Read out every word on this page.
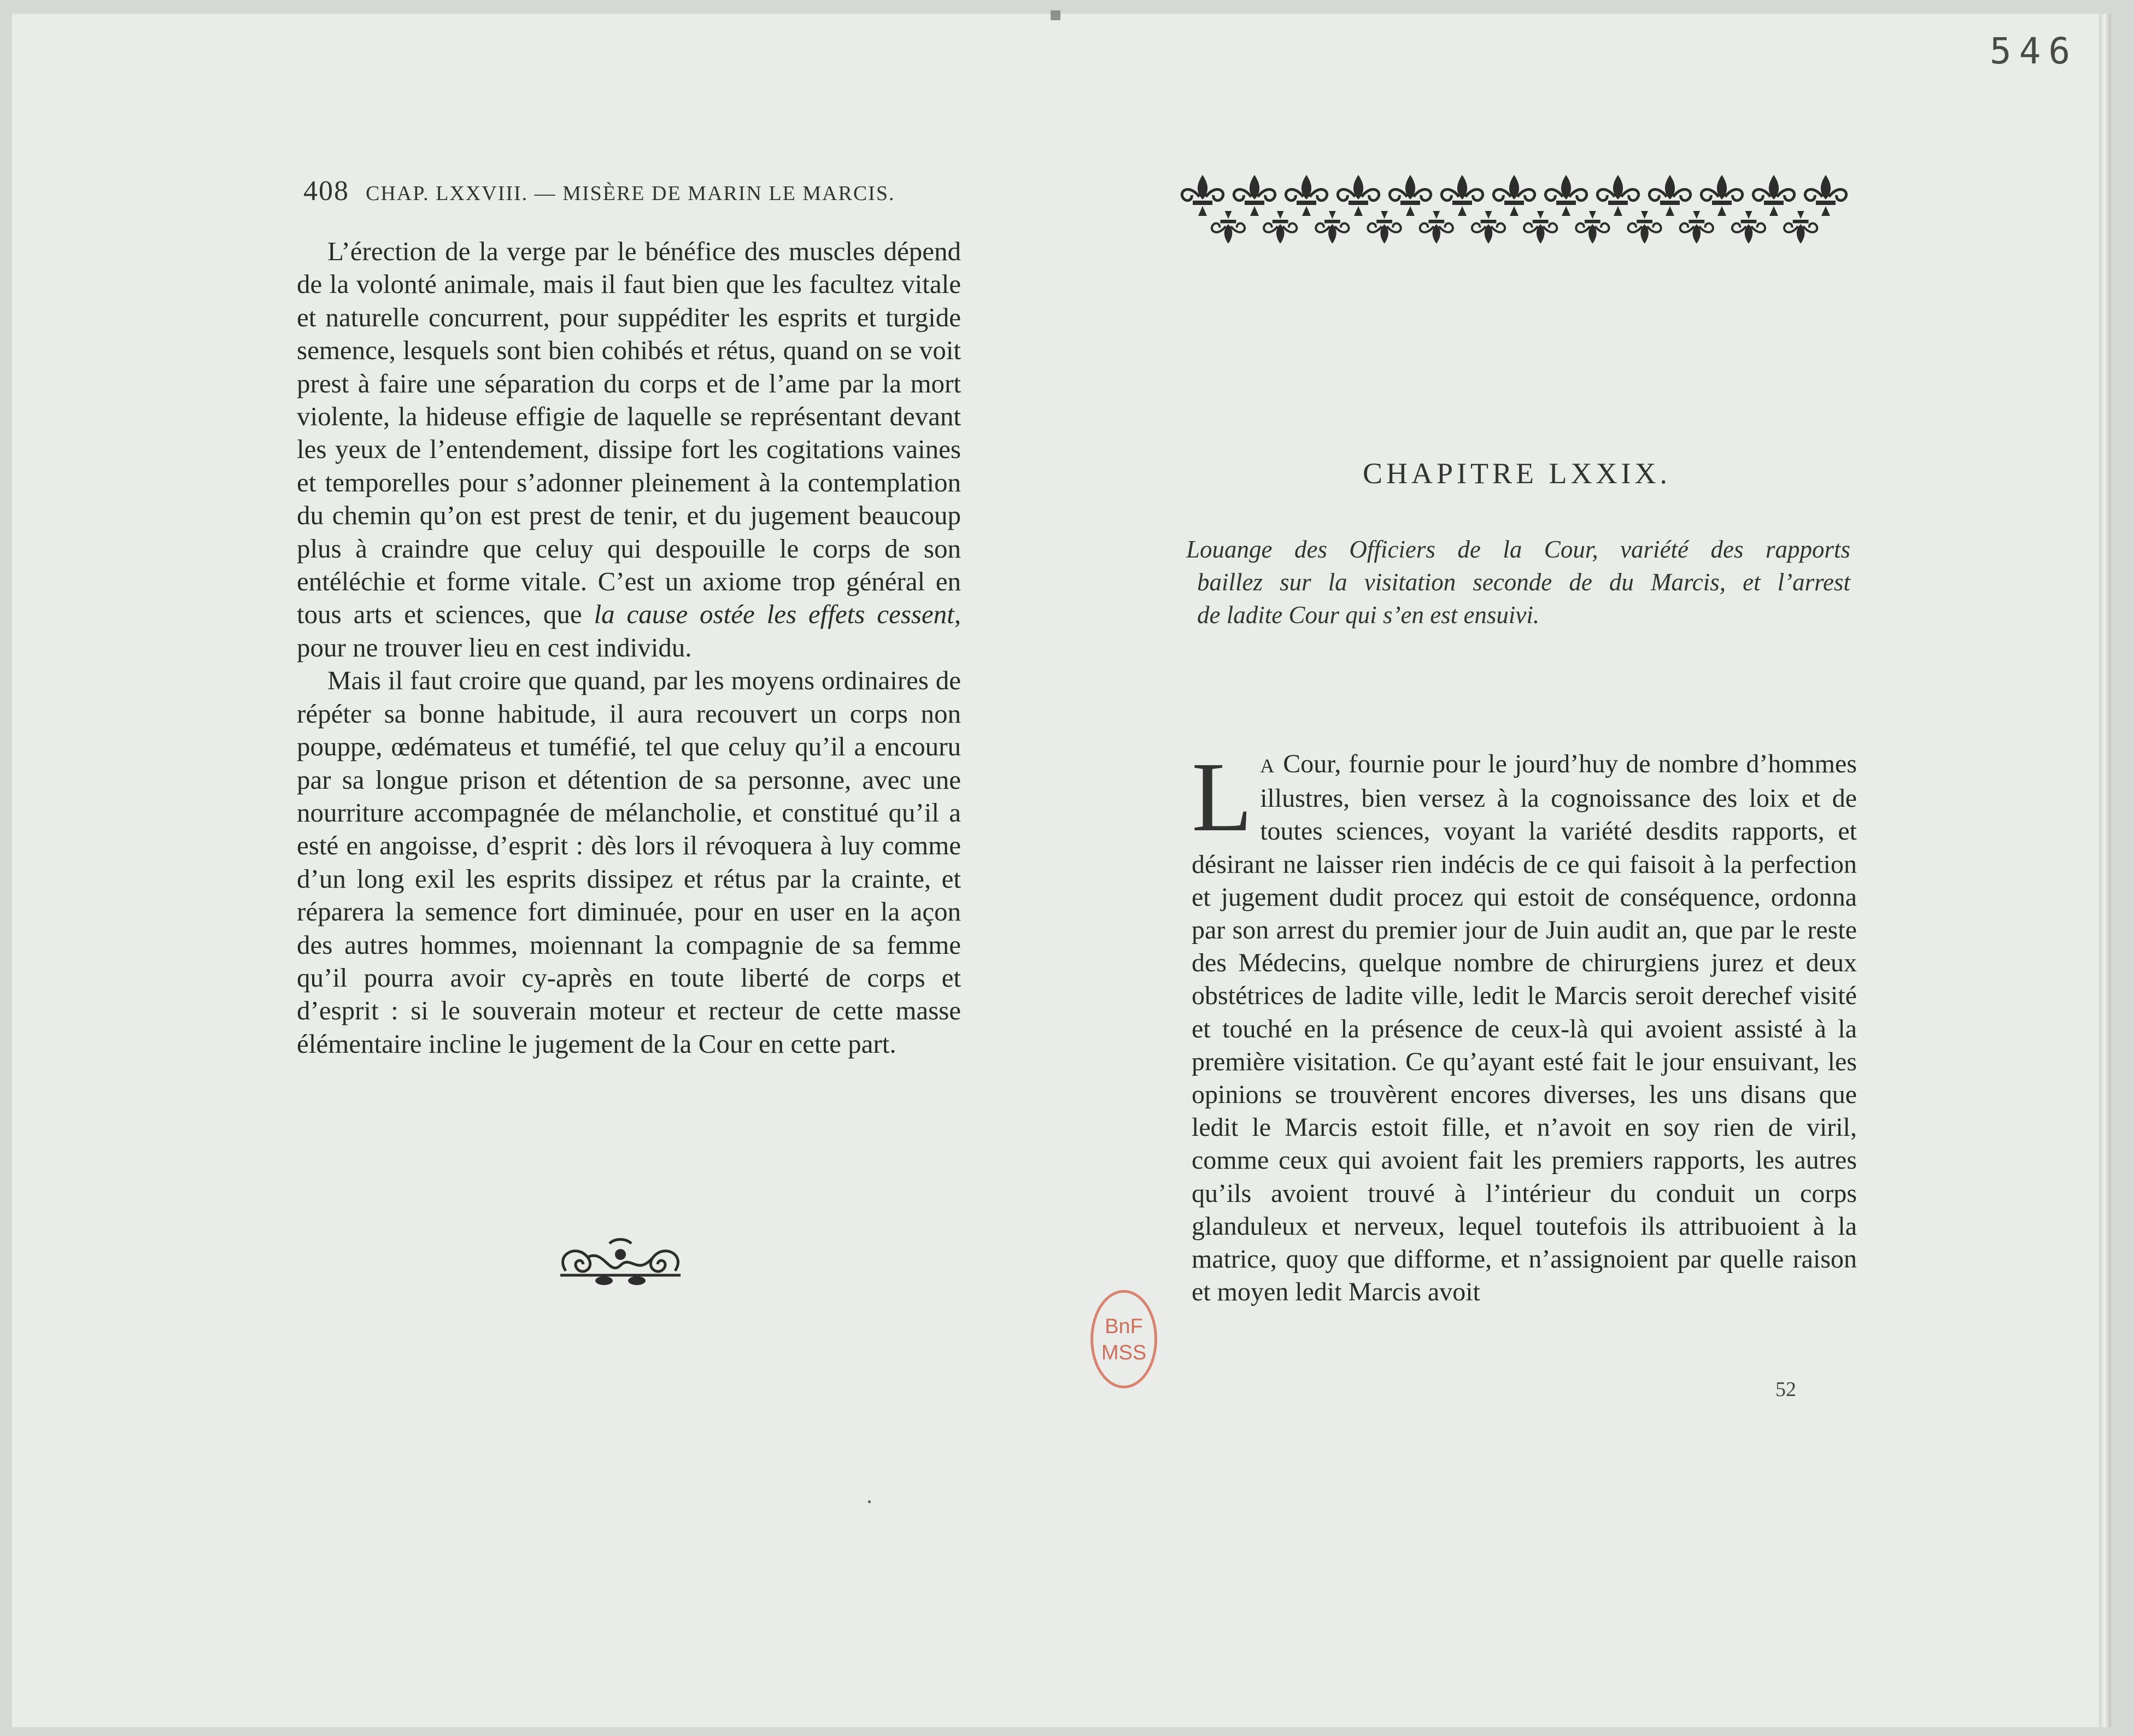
546
408 CHAP. LXXVIII. — MISÈRE DE MARIN LE MARCIS.

L’érection de la verge par le bénéfice des muscles dépend de la volonté animale, mais il faut bien que les facultez vitale et naturelle concurrent, pour suppéditer les esprits et turgide semence, lesquels sont bien cohibés et rétus, quand on se voit prest à faire une séparation du corps et de l’ame par la mort violente, la hideuse effigie de laquelle se représentant devant les yeux de l’entendement, dissipe fort les cogitations vaines et temporelles pour s’adonner pleinement à la contemplation du chemin qu’on est prest de tenir, et du jugement beaucoup plus à craindre que celuy qui despouille le corps de son entéléchie et forme vitale. C’est un axiome trop général en tous arts et sciences, que la cause ostée les effets cessent, pour ne trouver lieu en cest individu.

Mais il faut croire que quand, par les moyens ordinaires de répéter sa bonne habitude, il aura recouvert un corps non pouppe, œdémateus et tuméfié, tel que celuy qu’il a encouru par sa longue prison et détention de sa personne, avec une nourriture accompagnée de mélancholie, et constitué qu’il a esté en angoisse, d’esprit : dès lors il révoquera à luy comme d’un long exil les esprits dissipez et rétus par la crainte, et réparera la semence fort diminuée, pour en user en la açon des autres hommes, moiennant la compagnie de sa femme qu’il pourra avoir cy-après en toute liberté de corps et d’esprit : si le souverain moteur et recteur de cette masse élémentaire incline le jugement de la Cour en cette part.

CHAPITRE LXXIX.
Louange des Officiers de la Cour, variété des rapports
baillez sur la visitation seconde de du Marcis, et l’arrest
de ladite Cour qui s’en est ensuivi.
L A Cour, fournie pour le jourd’huy de nombre d’hommes illustres, bien versez à la cognoissance des loix et de toutes sciences, voyant la variété desdits rapports, et désirant ne laisser rien indécis de ce qui faisoit à la perfection et jugement dudit procez qui estoit de conséquence, ordonna par son arrest du premier jour de Juin audit an, que par le reste des Médecins, quelque nombre de chirurgiens jurez et deux obstétrices de ladite ville, ledit le Marcis seroit derechef visité et touché en la présence de ceux-là qui avoient assisté à la première visitation. Ce qu’ayant esté fait le jour ensuivant, les opinions se trouvèrent encores diverses, les uns disans que ledit le Marcis estoit fille, et n’avoit en soy rien de viril, comme ceux qui avoient fait les premiers rapports, les autres qu’ils avoient trouvé à l’intérieur du conduit un corps glanduleux et nerveux, lequel toutefois ils attribuoient à la matrice, quoy que difforme, et n’assignoient par quelle raison et moyen ledit Marcis avoit
52
BnF
MSS
